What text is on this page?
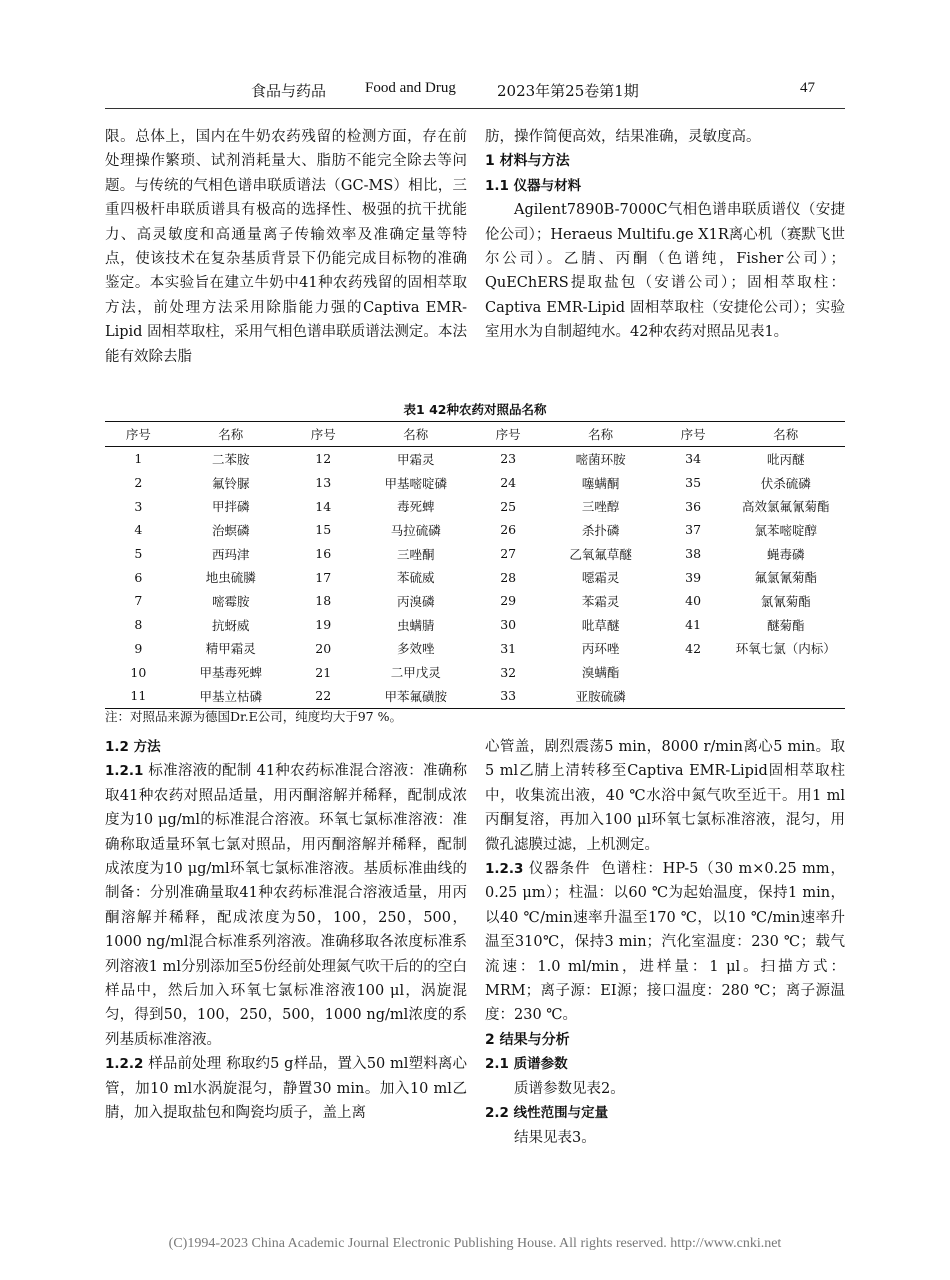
食品与药品	Food and Drug	2023年第25卷第1期	47

限。总体上，国内在牛奶农药残留的检测方面，存在前处理操作繁琐、试剂消耗量大、脂肪不能完全除去等问题。与传统的气相色谱串联质谱法（GC-MS）相比，三重四极杆串联质谱具有极高的选择性、极强的抗干扰能力、高灵敏度和高通量离子传输效率及准确定量等特点，使该技术在复杂基质背景下仍能完成目标物的准确鉴定。本实验旨在建立牛奶中41种农药残留的固相萃取方法，前处理方法采用除脂能力强的Captiva EMR-Lipid 固相萃取柱，采用气相色谱串联质谱法测定。本法能有效除去脂

肪，操作简便高效，结果准确，灵敏度高。

1 材料与方法

1.1 仪器与材料

Agilent7890B-7000C气相色谱串联质谱仪（安捷伦公司）；Heraeus Multifu.ge X1R离心机（赛默飞世尔公司）。乙腈、丙酮（色谱纯，Fisher公司）；QuEChERS提取盐包（安谱公司）；固相萃取柱：Captiva EMR-Lipid 固相萃取柱（安捷伦公司）；实验室用水为自制超纯水。42种农药对照品见表1。

表1 42种农药对照品名称
序号	名称	序号	名称	序号	名称	序号	名称
1	二苯胺	12	甲霜灵	23	嘧菌环胺	34	吡丙醚
2	氟铃脲	13	甲基嘧啶磷	24	噻螨酮	35	伏杀硫磷
3	甲拌磷	14	毒死蜱	25	三唑醇	36	高效氯氟氰菊酯
4	治螟磷	15	马拉硫磷	26	杀扑磷	37	氯苯嘧啶醇
5	西玛津	16	三唑酮	27	乙氧氟草醚	38	蝇毒磷
6	地虫硫膦	17	苯硫威	28	噁霜灵	39	氟氯氰菊酯
7	嘧霉胺	18	丙溴磷	29	苯霜灵	40	氯氰菊酯
8	抗蚜威	19	虫螨腈	30	吡草醚	41	醚菊酯
9	精甲霜灵	20	多效唑	31	丙环唑	42	环氧七氯（内标）
10	甲基毒死蜱	21	二甲戊灵	32	溴螨酯		
11	甲基立枯磷	22	甲苯氟磺胺	33	亚胺硫磷		
注：对照品来源为德国Dr.E公司，纯度均大于97 %。

1.2 方法

1.2.1 标准溶液的配制 41种农药标准混合溶液：准确称取41种农药对照品适量，用丙酮溶解并稀释，配制成浓度为10 μg/ml的标准混合溶液。环氧七氯标准溶液：准确称取适量环氧七氯对照品，用丙酮溶解并稀释，配制成浓度为10 μg/ml环氧七氯标准溶液。基质标准曲线的制备：分别准确量取41种农药标准混合溶液适量，用丙酮溶解并稀释，配成浓度为50，100，250，500，1000 ng/ml混合标准系列溶液。准确移取各浓度标准系列溶液1 ml分别添加至5份经前处理氮气吹干后的的空白样品中，然后加入环氧七氯标准溶液100 μl，涡旋混匀，得到50，100，250，500，1000 ng/ml浓度的系列基质标准溶液。

1.2.2 样品前处理 称取约5 g样品，置入50 ml塑料离心管，加10 ml水涡旋混匀，静置30 min。加入10 ml乙腈，加入提取盐包和陶瓷均质子，盖上离

心管盖，剧烈震荡5 min，8000 r/min离心5 min。取5 ml乙腈上清转移至Captiva EMR-Lipid固相萃取柱中，收集流出液，40 ℃水浴中氮气吹至近干。用1 ml丙酮复溶，再加入100 μl环氧七氯标准溶液，混匀，用微孔滤膜过滤，上机测定。

1.2.3 仪器条件 色谱柱：HP-5（30 m×0.25 mm，0.25 μm）；柱温：以60 ℃为起始温度，保持1 min，以40 ℃/min速率升温至170 ℃，以10 ℃/min速率升温至310℃，保持3 min；汽化室温度：230 ℃；载气流速：1.0 ml/min，进样量：1 μl。扫描方式：MRM；离子源：EI源；接口温度：280 ℃；离子源温度：230 ℃。

2 结果与分析

2.1 质谱参数

质谱参数见表2。

2.2 线性范围与定量

结果见表3。

(C)1994-2023 China Academic Journal Electronic Publishing House. All rights reserved. http://www.cnki.net
